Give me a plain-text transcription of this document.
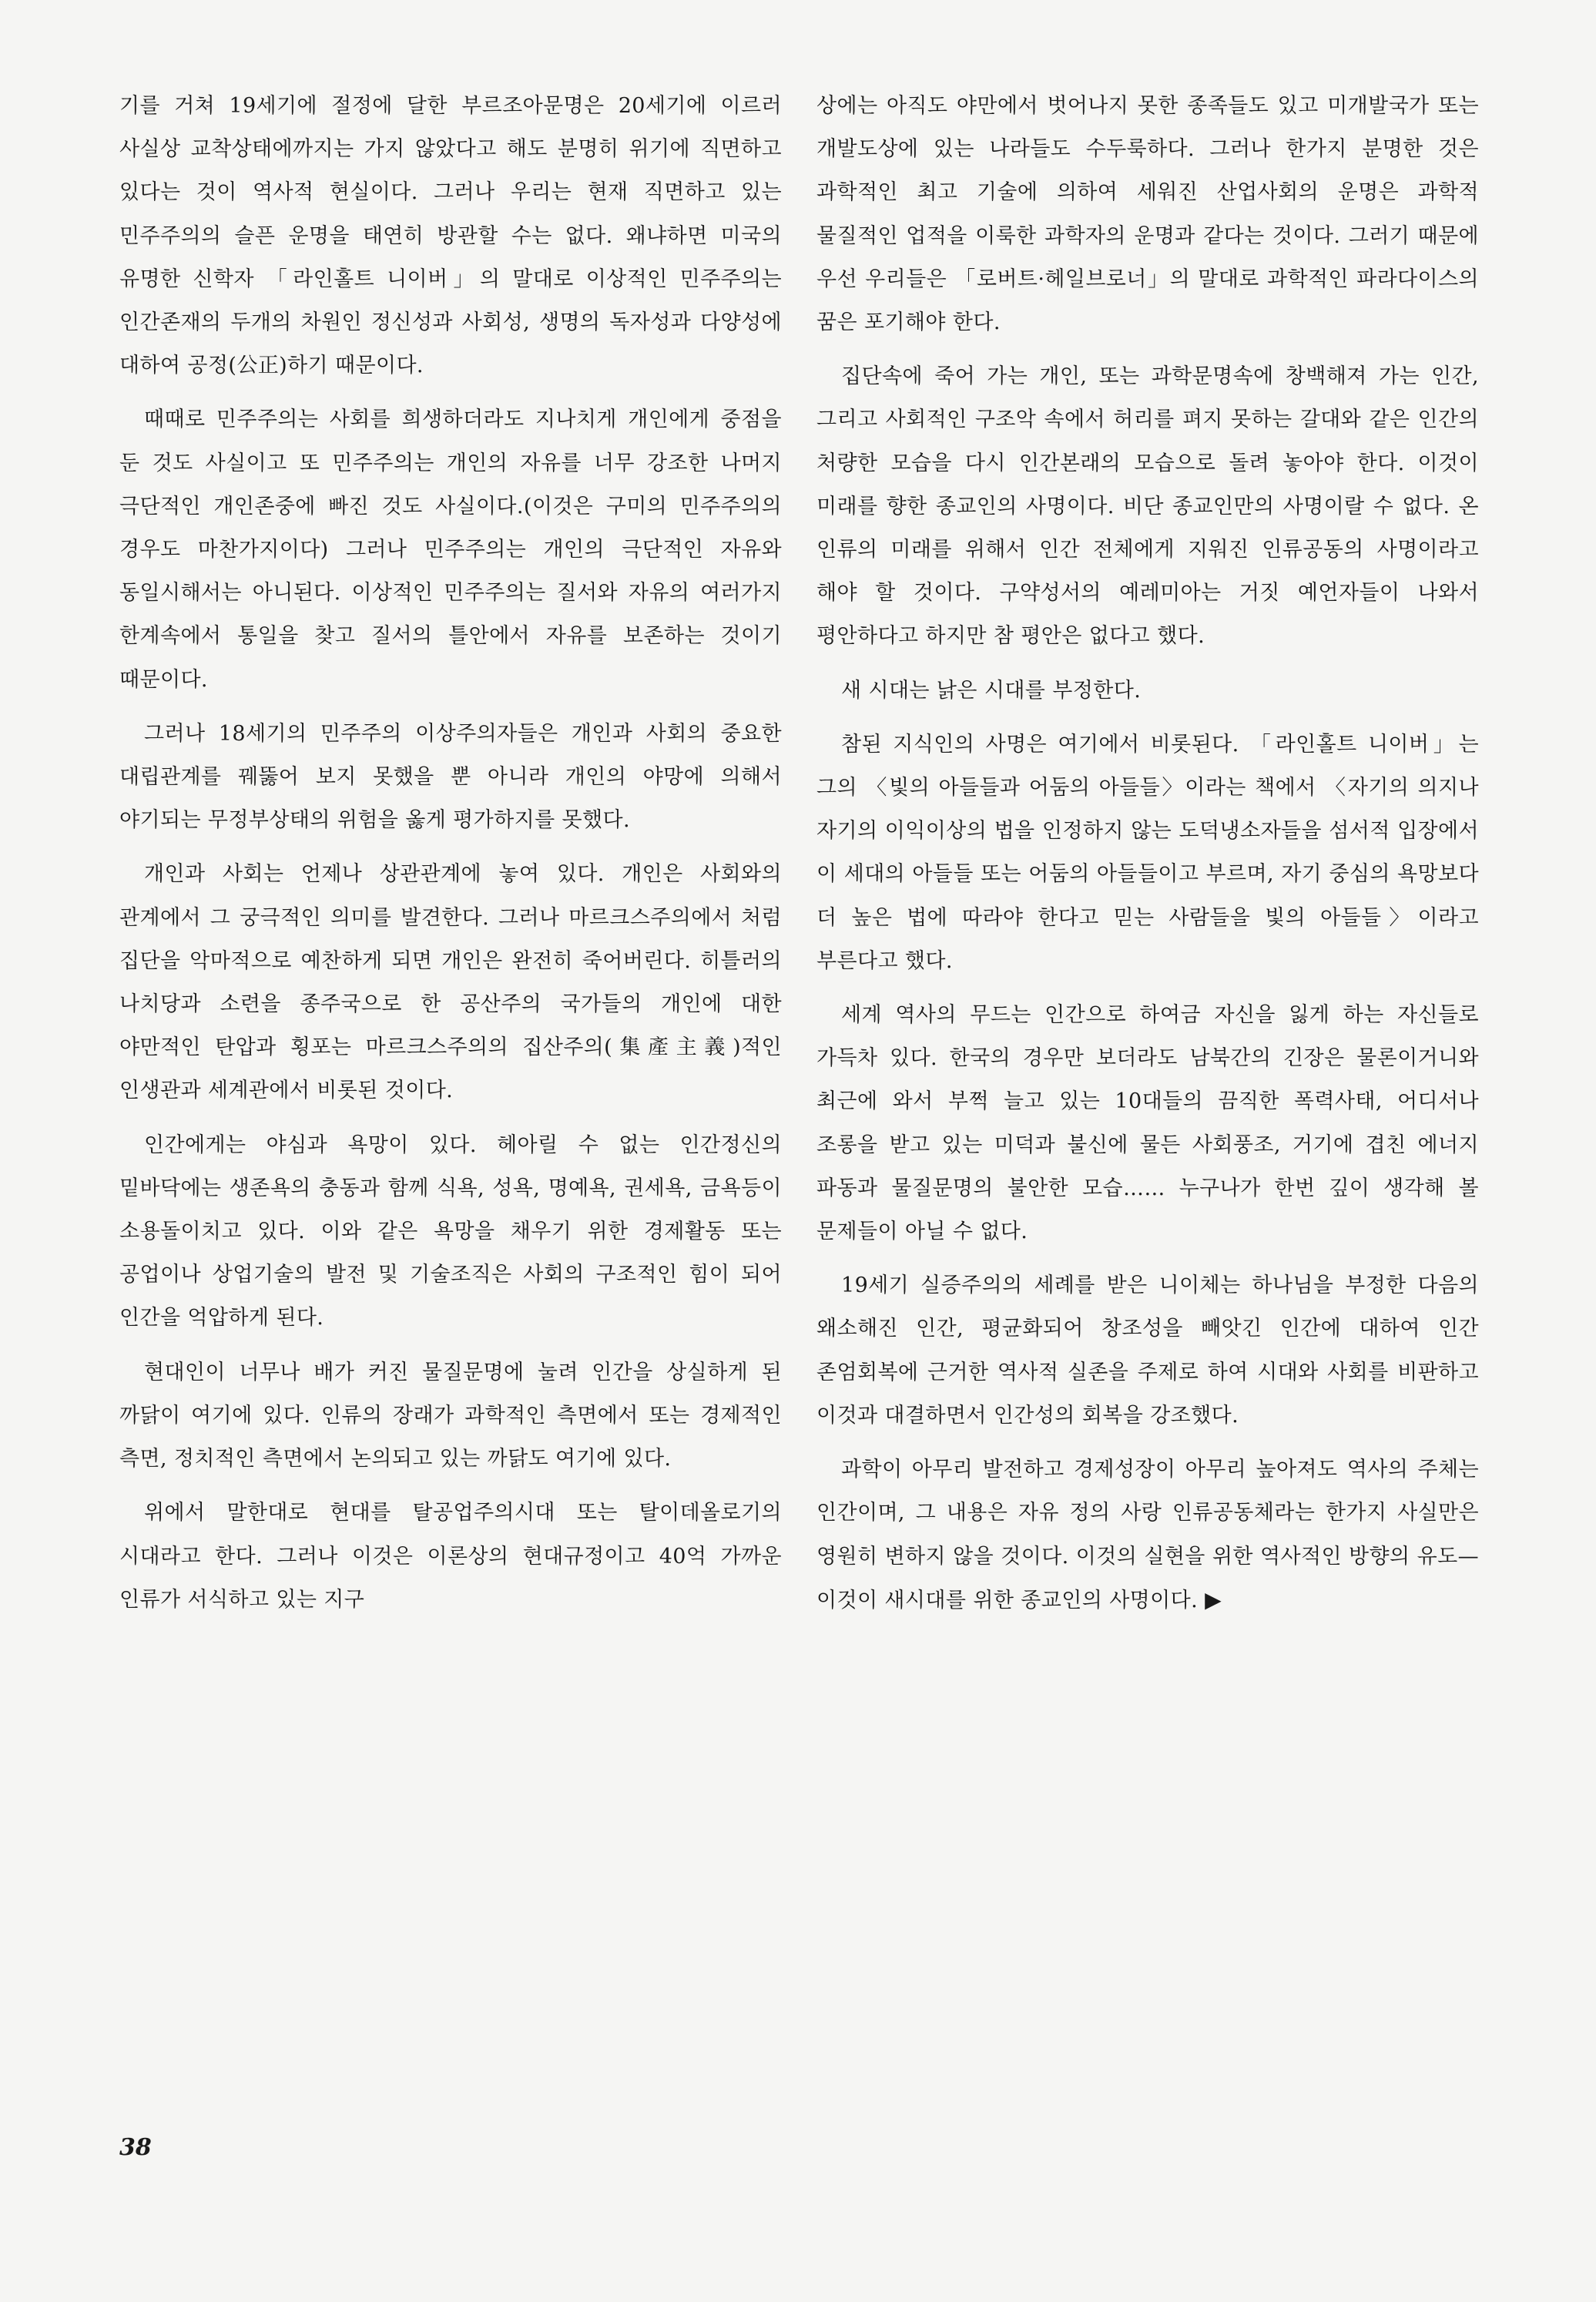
기를 거쳐 19세기에 절정에 달한 부르조아문명은 20세기에 이르러 사실상 교착상태에까지는 가지 않았다고 해도 분명히 위기에 직면하고 있다는 것이 역사적 현실이다. 그러나 우리는 현재 직면하고 있는 민주주의의 슬픈 운명을 태연히 방관할 수는 없다. 왜냐하면 미국의 유명한 신학자 「라인홀트 니이버」의 말대로 이상적인 민주주의는 인간존재의 두개의 차원인 정신성과 사회성, 생명의 독자성과 다양성에 대하여 공정(公正)하기 때문이다.

때때로 민주주의는 사회를 희생하더라도 지나치게 개인에게 중점을 둔 것도 사실이고 또 민주주의는 개인의 자유를 너무 강조한 나머지 극단적인 개인존중에 빠진 것도 사실이다.(이것은 구미의 민주주의의 경우도 마찬가지이다) 그러나 민주주의는 개인의 극단적인 자유와 동일시해서는 아니된다. 이상적인 민주주의는 질서와 자유의 여러가지 한계속에서 통일을 찾고 질서의 틀안에서 자유를 보존하는 것이기 때문이다.

그러나 18세기의 민주주의 이상주의자들은 개인과 사회의 중요한 대립관계를 꿰뚫어 보지 못했을 뿐 아니라 개인의 야망에 의해서 야기되는 무정부상태의 위험을 옳게 평가하지를 못했다.

개인과 사회는 언제나 상관관계에 놓여 있다. 개인은 사회와의 관계에서 그 궁극적인 의미를 발견한다. 그러나 마르크스주의에서 처럼 집단을 악마적으로 예찬하게 되면 개인은 완전히 죽어버린다. 히틀러의 나치당과 소련을 종주국으로 한 공산주의 국가들의 개인에 대한 야만적인 탄압과 횡포는 마르크스주의의 집산주의(集產主義)적인 인생관과 세계관에서 비롯된 것이다.

인간에게는 야심과 욕망이 있다. 헤아릴 수 없는 인간정신의 밑바닥에는 생존욕의 충동과 함께 식욕, 성욕, 명예욕, 권세욕, 금욕등이 소용돌이치고 있다. 이와 같은 욕망을 채우기 위한 경제활동 또는 공업이나 상업기술의 발전 및 기술조직은 사회의 구조적인 힘이 되어 인간을 억압하게 된다.

현대인이 너무나 배가 커진 물질문명에 눌려 인간을 상실하게 된 까닭이 여기에 있다. 인류의 장래가 과학적인 측면에서 또는 경제적인 측면, 정치적인 측면에서 논의되고 있는 까닭도 여기에 있다.

위에서 말한대로 현대를 탈공업주의시대 또는 탈이데올로기의 시대라고 한다. 그러나 이것은 이론상의 현대규정이고 40억 가까운 인류가 서식하고 있는 지구

상에는 아직도 야만에서 벗어나지 못한 종족들도 있고 미개발국가 또는 개발도상에 있는 나라들도 수두룩하다. 그러나 한가지 분명한 것은 과학적인 최고 기술에 의하여 세워진 산업사회의 운명은 과학적 물질적인 업적을 이룩한 과학자의 운명과 같다는 것이다. 그러기 때문에 우선 우리들은 「로버트·헤일브로너」의 말대로 과학적인 파라다이스의 꿈은 포기해야 한다.

집단속에 죽어 가는 개인, 또는 과학문명속에 창백해져 가는 인간, 그리고 사회적인 구조악 속에서 허리를 펴지 못하는 갈대와 같은 인간의 처량한 모습을 다시 인간본래의 모습으로 돌려 놓아야 한다. 이것이 미래를 향한 종교인의 사명이다. 비단 종교인만의 사명이랄 수 없다. 온 인류의 미래를 위해서 인간 전체에게 지워진 인류공동의 사명이라고 해야 할 것이다. 구약성서의 예레미아는 거짓 예언자들이 나와서 평안하다고 하지만 참 평안은 없다고 했다.

새 시대는 낡은 시대를 부정한다.

참된 지식인의 사명은 여기에서 비롯된다. 「라인홀트 니이버」는 그의 〈빛의 아들들과 어둠의 아들들〉이라는 책에서 〈자기의 의지나 자기의 이익이상의 법을 인정하지 않는 도덕냉소자들을 섬서적 입장에서 이 세대의 아들들 또는 어둠의 아들들이고 부르며, 자기 중심의 욕망보다 더 높은 법에 따라야 한다고 믿는 사람들을 빛의 아들들〉이라고 부른다고 했다.

세계 역사의 무드는 인간으로 하여금 자신을 잃게 하는 자신들로 가득차 있다. 한국의 경우만 보더라도 남북간의 긴장은 물론이거니와 최근에 와서 부쩍 늘고 있는 10대들의 끔직한 폭력사태, 어디서나 조롱을 받고 있는 미덕과 불신에 물든 사회풍조, 거기에 겹친 에너지 파동과 물질문명의 불안한 모습…… 누구나가 한번 깊이 생각해 볼 문제들이 아닐 수 없다.

19세기 실증주의의 세례를 받은 니이체는 하나님을 부정한 다음의 왜소해진 인간, 평균화되어 창조성을 빼앗긴 인간에 대하여 인간 존엄회복에 근거한 역사적 실존을 주제로 하여 시대와 사회를 비판하고 이것과 대결하면서 인간성의 회복을 강조했다.

과학이 아무리 발전하고 경제성장이 아무리 높아져도 역사의 주체는 인간이며, 그 내용은 자유 정의 사랑 인류공동체라는 한가지 사실만은 영원히 변하지 않을 것이다. 이것의 실현을 위한 역사적인 방향의 유도—이것이 새시대를 위한 종교인의 사명이다. ▶

38
